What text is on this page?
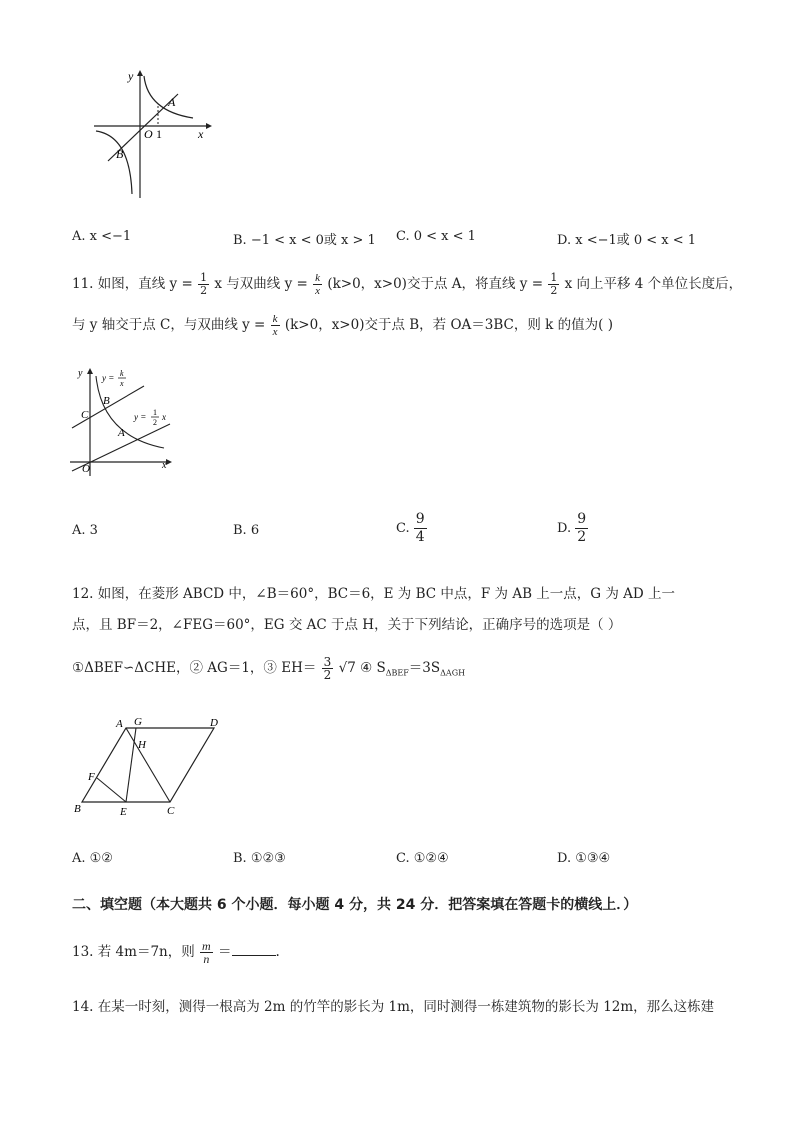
y
x
O 1
A
B
A. x <−1	B. −1 < x < 0或 x > 1 C. 0 < x < 1	D. x <−1或 0 < x < 1
11. 如图，直线 $y = \frac{1}{2}$ x 与双曲线 $y = \frac{k}{x} (k>0$，x>0)交于点 A，将直线 $y = \frac{1}{2}$ x 向上平移 4 个单位长度后，
与 y 轴交于点 C，与双曲线 $y = \frac{k}{x} (k>0$，x>0)交于点 B，若 OA＝3BC，则 k 的值为( )
y
x
O
C
B
A
y = k
x
y = 1
2
x
A. 3	B. 6	C. $\frac{9}{4}$	D. $\frac{9}{2}$
12. 如图，在菱形 ABCD 中，∠B＝60°，BC＝6，E 为 BC 中点，F 为 AB 上一点，G 为 AD 上一
点，且 BF＝2，∠FEG＝60°，EG 交 AC 于点 H，关于下列结论，正确序号的选项是（ ）
①ΔBEF∽ΔCHE，② AG＝1，③ $EH= \frac{3}{2} √7$ ④ $S_{\Delta BEF}=3S_{\Delta AGH}$
A G	D
H
F
B	E	C
A. ①②	B. ①②③	C. ①②④	D. ①③④
二、填空题（本大题共 6 个小题．每小题 4 分，共 24 分．把答案填在答题卡的横线上．）
13. 若 4m＝7n，则 $\frac{m}{n}$ ＝	.
14. 在某一时刻，测得一根高为 2m 的竹竿的影长为 1m，同时测得一栋建筑物的影长为 12m，那么这栋建
